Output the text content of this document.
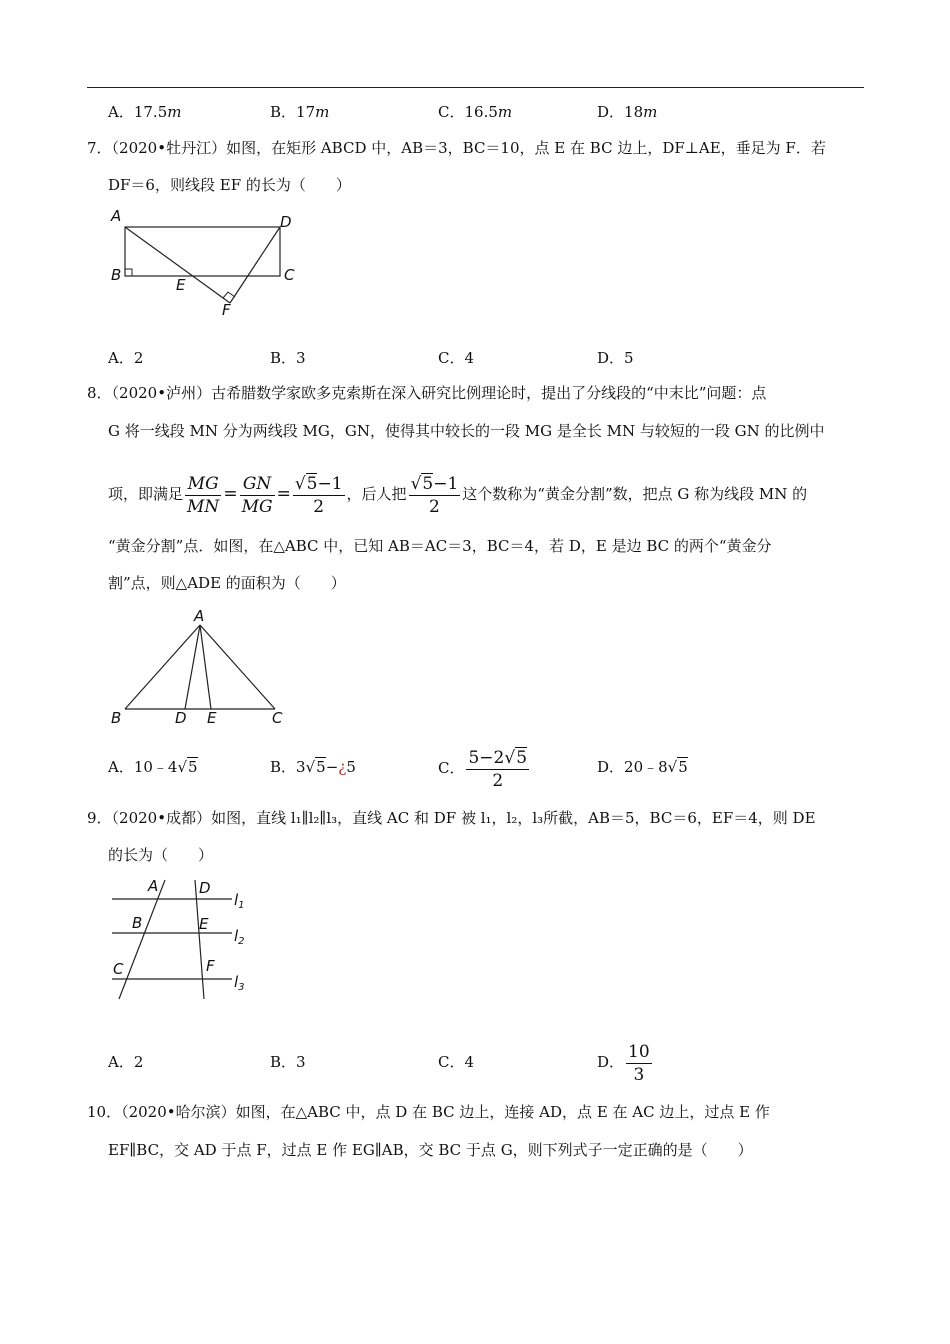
A．17.5m	B．17m	C．16.5m	D．18m
7．（2020•牡丹江）如图，在矩形 ABCD 中，AB＝3，BC＝10，点 E 在 BC 边上，DF⊥AE，垂足为 F．若
DF＝6，则线段 EF 的长为（　　）
A	D
B	C
E
F
A．2	B．3	C．4	D．5
8．（2020•泸州）古希腊数学家欧多克索斯在深入研究比例理论时，提出了分线段的“中末比”问题：点
G 将一线段 MN 分为两线段 MG，GN，使得其中较长的一段 MG 是全长 MN 与较短的一段 GN 的比例中
项，即满足 $\frac{MG}{MN} = \frac{GN}{MG} = \frac{√5-1}{2}$ ，后人把 $\frac{√5-1}{2}$ 这个数称为“黄金分割”数，把点 G 称为线段 MN 的
“黄金分割”点．如图，在△ABC 中，已知 AB＝AC＝3，BC＝4，若 D，E 是边 BC 的两个“黄金分
割”点，则△ADE 的面积为（　　）
A
B	D E	C
A．10﹣4√5	B．3√5−¿5	C． $\frac{5-2√5}{2}$	D．20﹣8√5
9．（2020•成都）如图，直线 l₁∥l₂∥l₃，直线 AC 和 DF 被 l₁，l₂，l₃所截，AB＝5，BC＝6，EF＝4，则 DE
的长为（　　）
A	D
$l_1$
B	E
$l_2$
C	F
$l_3$
A．2	B．3	C．4	D． $\frac{10}{3}$
10．（2020•哈尔滨）如图，在△ABC 中，点 D 在 BC 边上，连接 AD，点 E 在 AC 边上，过点 E 作
EF∥BC，交 AD 于点 F，过点 E 作 EG∥AB，交 BC 于点 G，则下列式子一定正确的是（　　）
